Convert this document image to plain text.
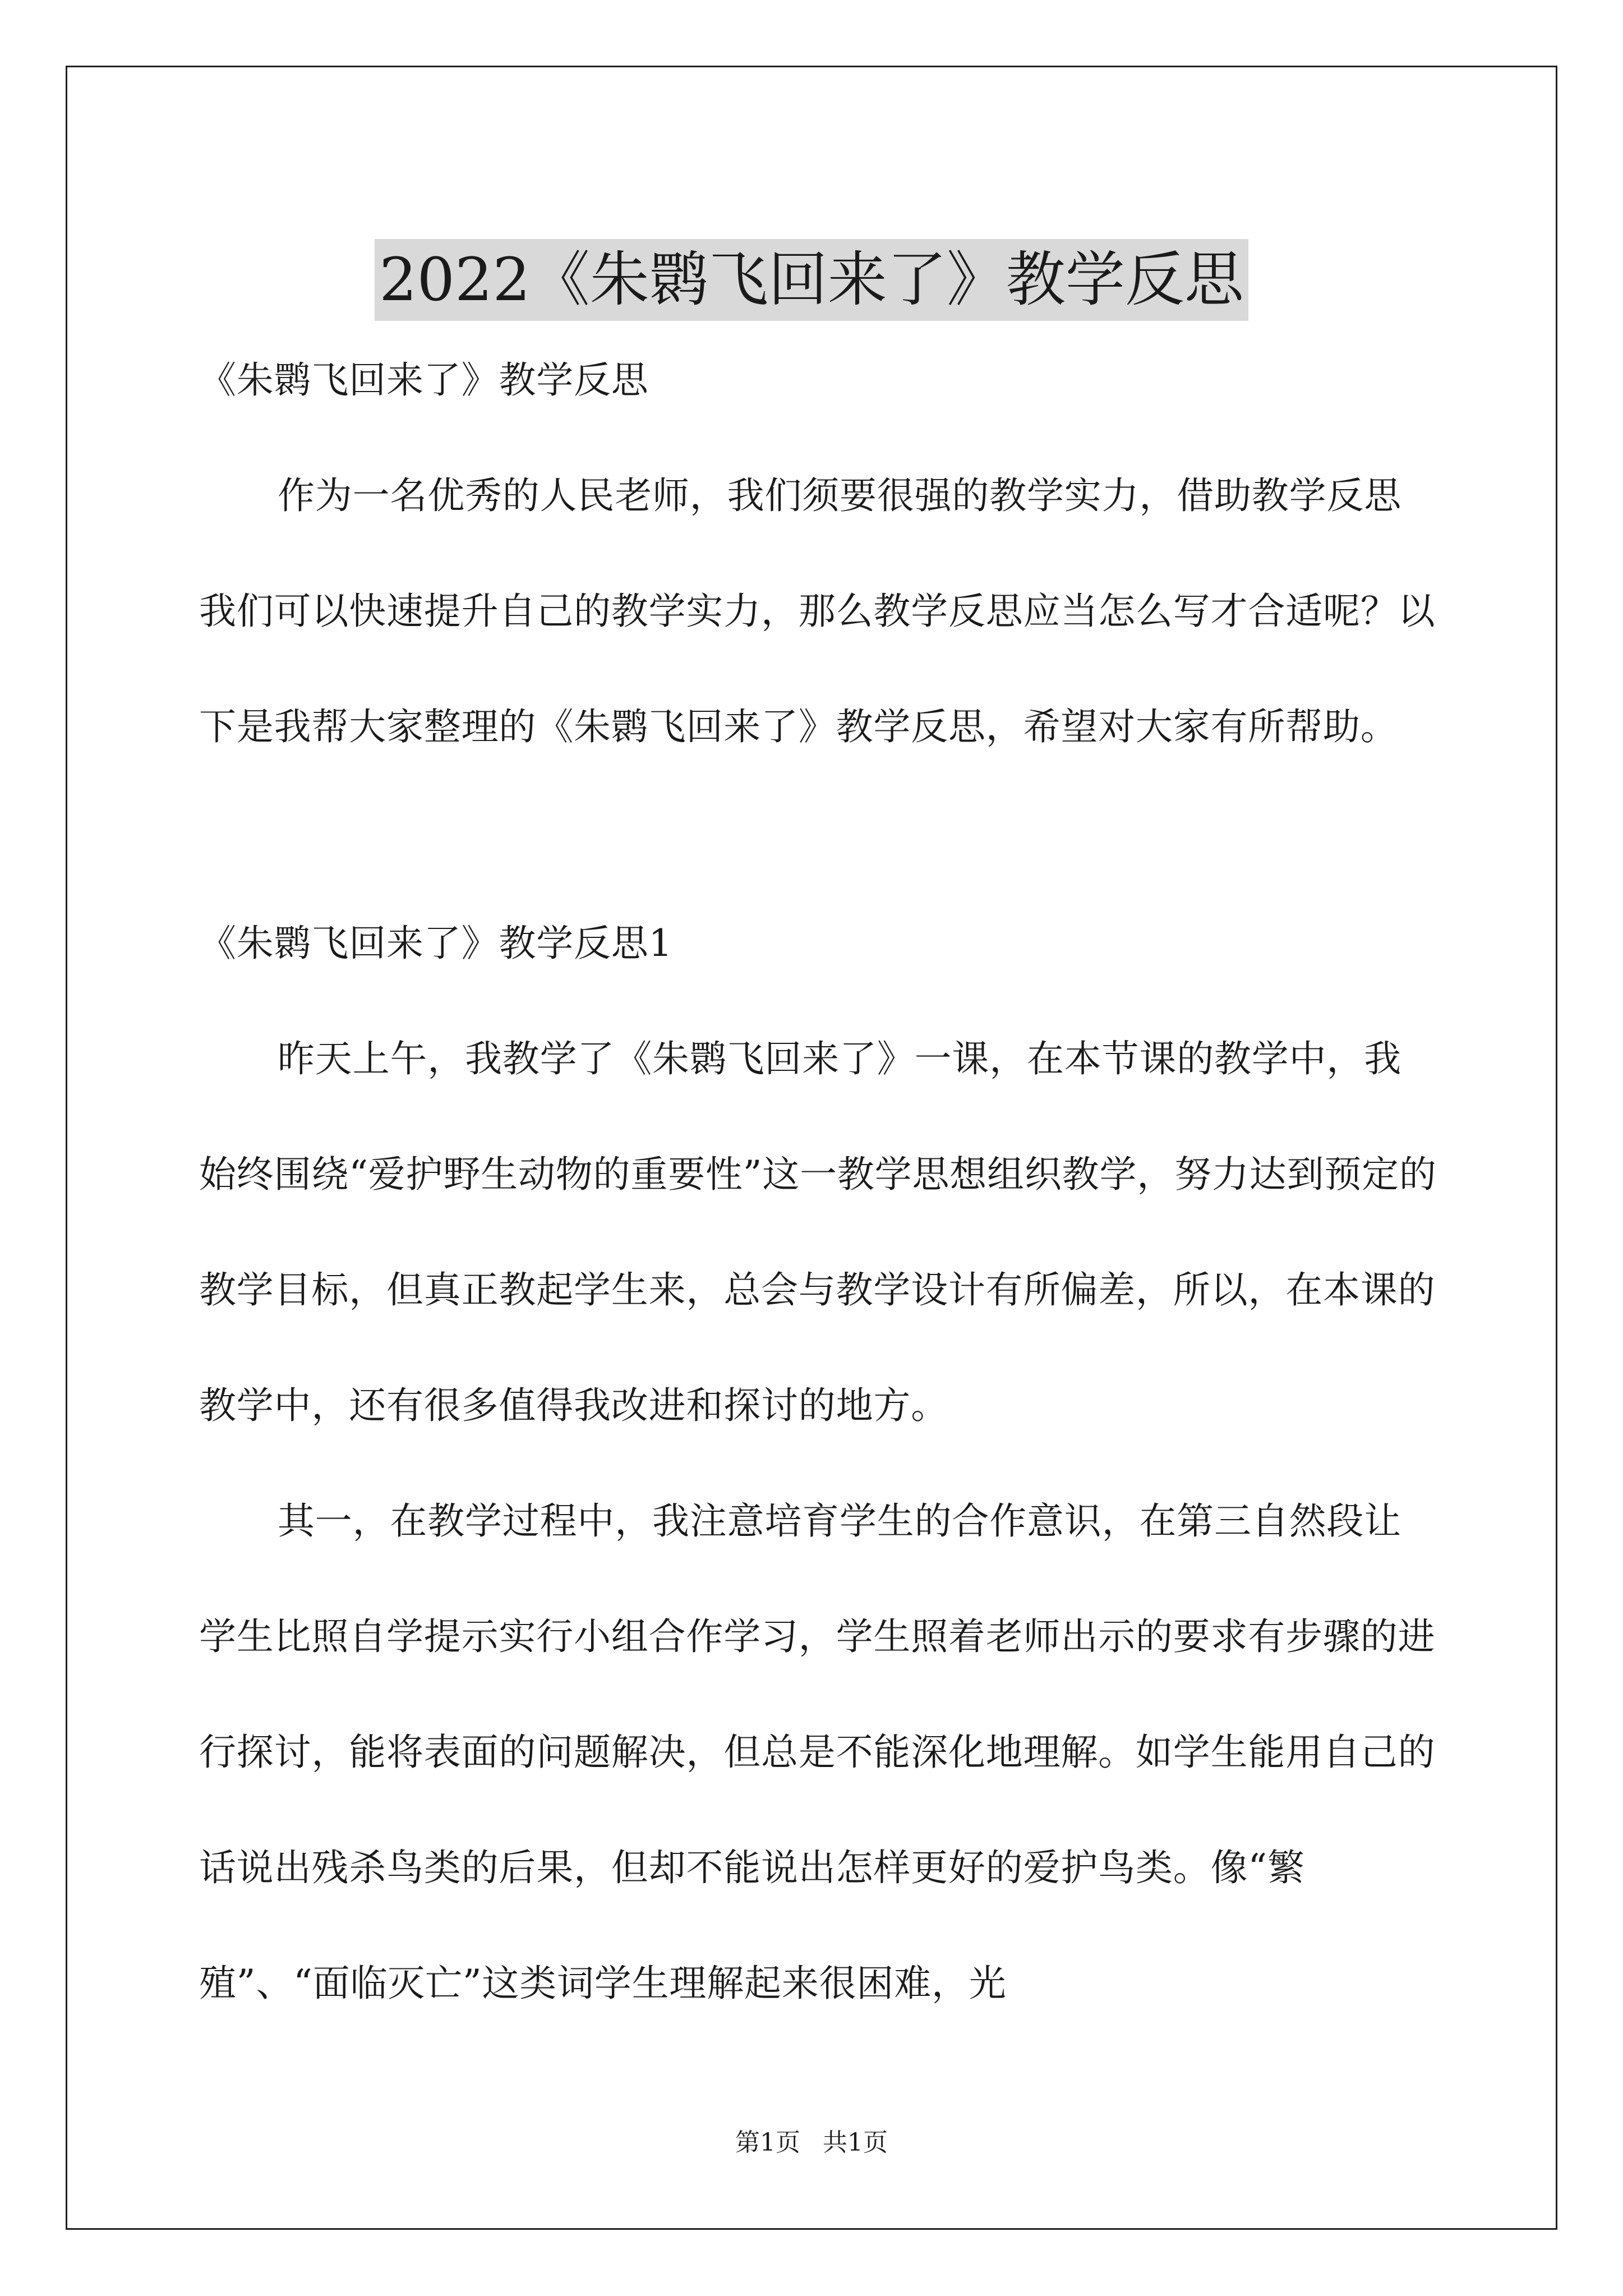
2022《朱鹮飞回来了》教学反思

《朱鹮飞回来了》教学反思

作为一名优秀的人民老师，我们须要很强的教学实力，借助教学反思我们可以快速提升自己的教学实力，那么教学反思应当怎么写才合适呢？以下是我帮大家整理的《朱鹮飞回来了》教学反思，希望对大家有所帮助。

《朱鹮飞回来了》教学反思1

昨天上午，我教学了《朱鹮飞回来了》一课，在本节课的教学中，我始终围绕“爱护野生动物的重要性”这一教学思想组织教学，努力达到预定的教学目标，但真正教起学生来，总会与教学设计有所偏差，所以，在本课的教学中，还有很多值得我改进和探讨的地方。

其一，在教学过程中，我注意培育学生的合作意识，在第三自然段让学生比照自学提示实行小组合作学习，学生照着老师出示的要求有步骤的进行探讨，能将表面的问题解决，但总是不能深化地理解。如学生能用自己的话说出残杀鸟类的后果，但却不能说出怎样更好的爱护鸟类。像“繁殖”、“面临灭亡”这类词学生理解起来很困难，光

第1页 共1页
